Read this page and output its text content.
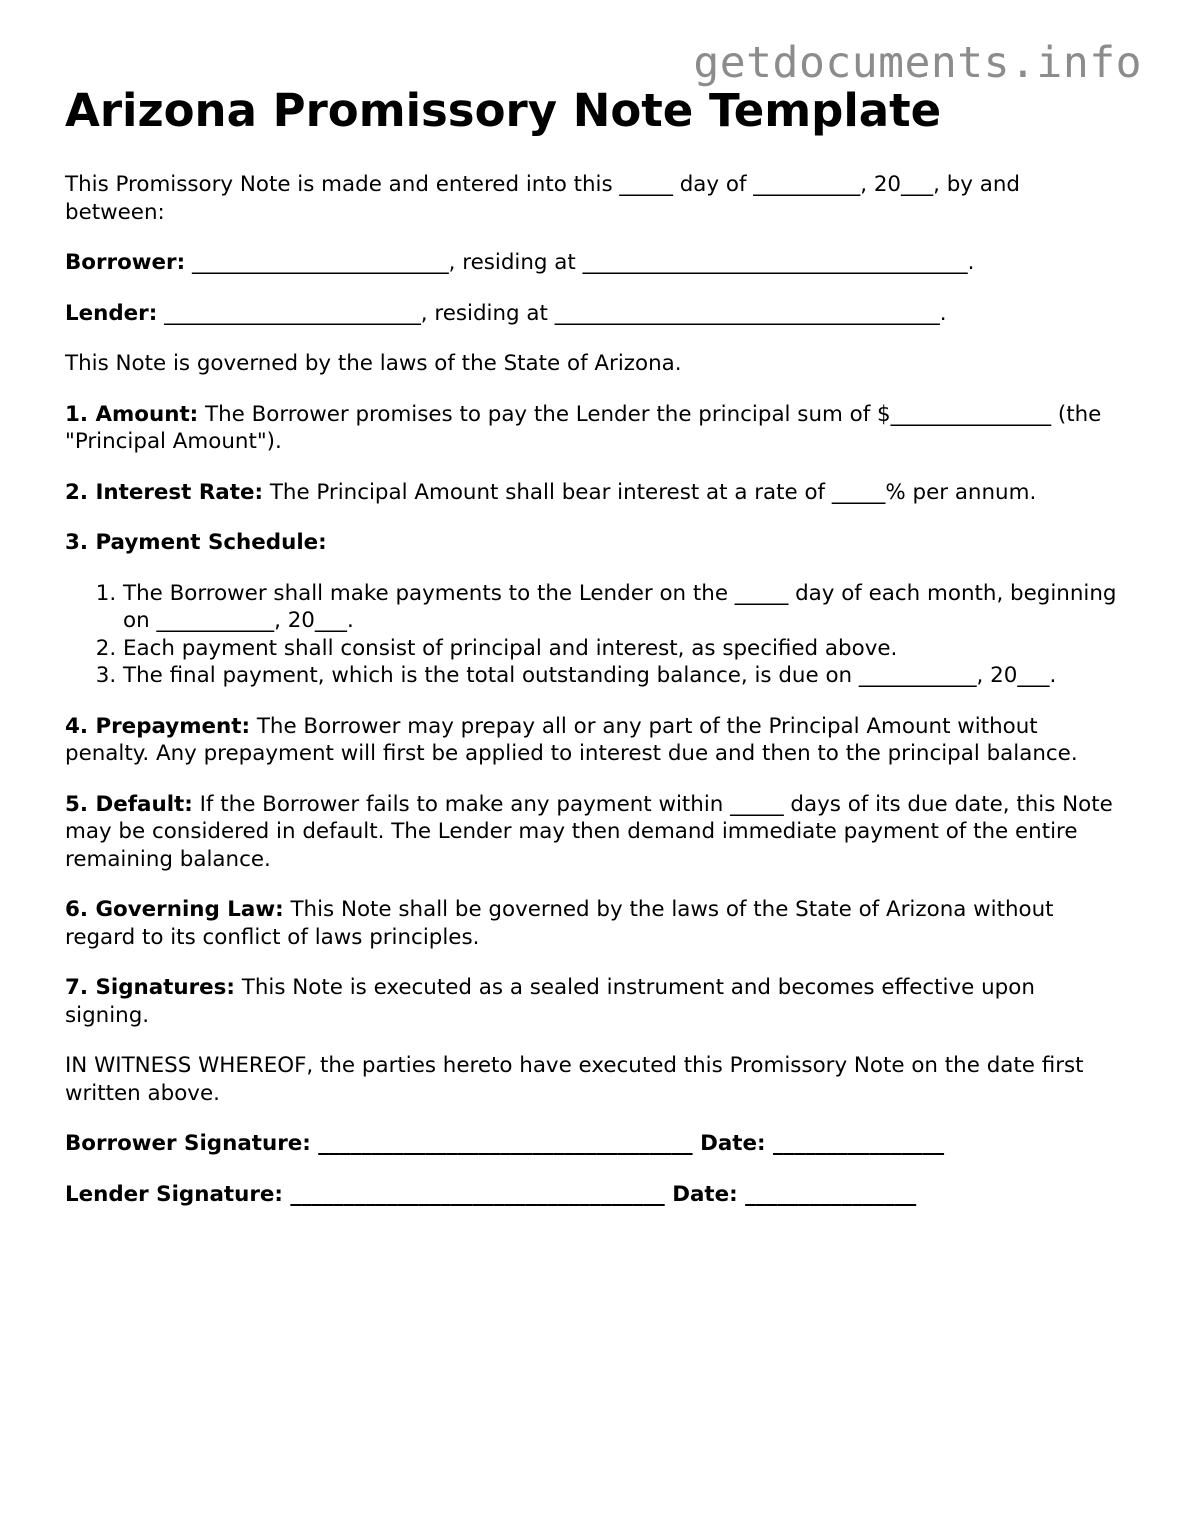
getdocuments.info
Arizona Promissory Note Template

This Promissory Note is made and entered into this _____ day of __________, 20___, by and between:

Borrower: ________________________, residing at ____________________________________.

Lender: ________________________, residing at ____________________________________.

This Note is governed by the laws of the State of Arizona.

1. Amount: The Borrower promises to pay the Lender the principal sum of $_______________ (the "Principal Amount").

2. Interest Rate: The Principal Amount shall bear interest at a rate of _____% per annum.

3. Payment Schedule:

1. The Borrower shall make payments to the Lender on the _____ day of each month, beginning on ___________, 20___.
2. Each payment shall consist of principal and interest, as specified above.
3. The final payment, which is the total outstanding balance, is due on ___________, 20___.

4. Prepayment: The Borrower may prepay all or any part of the Principal Amount without penalty. Any prepayment will first be applied to interest due and then to the principal balance.

5. Default: If the Borrower fails to make any payment within _____ days of its due date, this Note may be considered in default. The Lender may then demand immediate payment of the entire remaining balance.

6. Governing Law: This Note shall be governed by the laws of the State of Arizona without regard to its conflict of laws principles.

7. Signatures: This Note is executed as a sealed instrument and becomes effective upon signing.

IN WITNESS WHEREOF, the parties hereto have executed this Promissory Note on the date first written above.

Borrower Signature: ___________________________________ Date: ________________

Lender Signature: ___________________________________ Date: ________________
